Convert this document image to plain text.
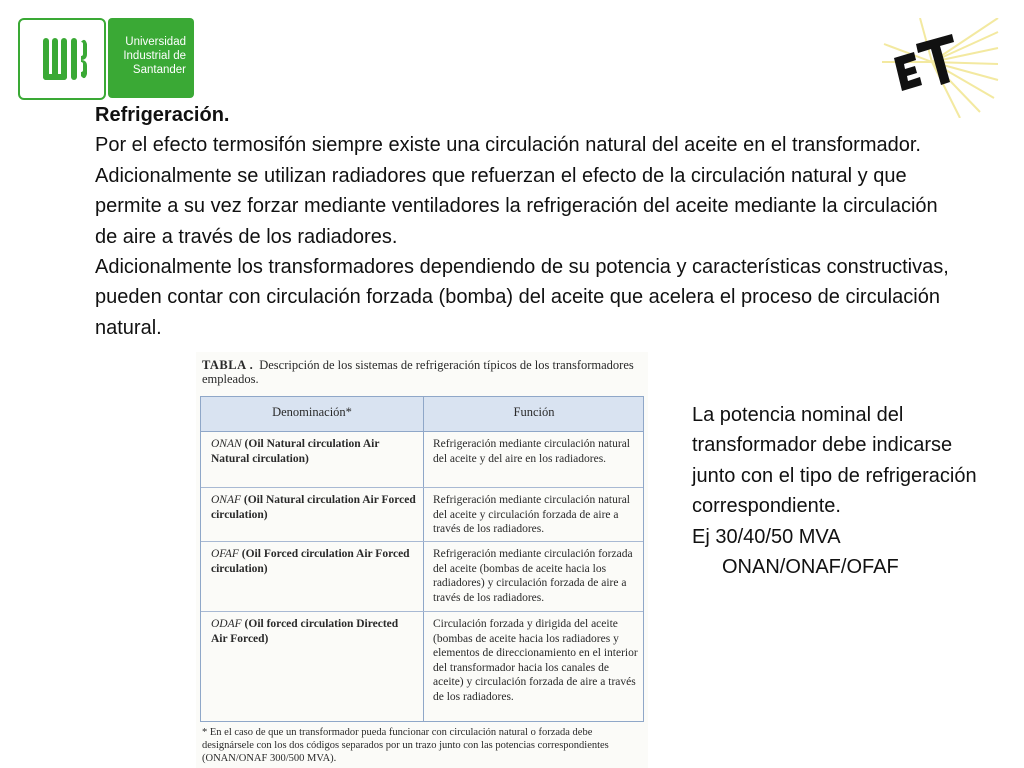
Universidad
Industrial de
Santander
Refrigeración.
Por el efecto termosifón siempre existe una circulación natural del aceite en el transformador. Adicionalmente se utilizan radiadores que refuerzan el efecto de la circulación natural y que permite a su vez forzar mediante ventiladores la refrigeración del aceite mediante la circulación de aire a través de los radiadores.
Adicionalmente los transformadores dependiendo de su potencia y características constructivas, pueden contar con circulación forzada (bomba) del aceite que acelera el proceso de circulación natural.
TABLA . Descripción de los sistemas de refrigeración típicos de los transformadores empleados.
Denominación*	Función
ONAN (Oil Natural circulation Air Natural circulation)
Refrigeración mediante circulación natural del aceite y del aire en los radiadores.
ONAF (Oil Natural circulation Air Forced circulation)
Refrigeración mediante circulación natural del aceite y circulación forzada de aire a través de los radiadores.
OFAF (Oil Forced circulation Air Forced circulation)
Refrigeración mediante circulación forzada del aceite (bombas de aceite hacia los radiadores) y circulación forzada de aire a través de los radiadores.
ODAF (Oil forced circulation Directed Air Forced)
Circulación forzada y dirigida del aceite (bombas de aceite hacia los radiadores y elementos de direccionamiento en el interior del transformador hacia los canales de aceite) y circulación forzada de aire a través de los radiadores.
* En el caso de que un transformador pueda funcionar con circulación natural o forzada debe designársele con los dos códigos separados por un trazo junto con las potencias correspondientes (ONAN/ONAF 300/500 MVA).
La potencia nominal del transformador debe indicarse junto con el tipo de refrigeración correspondiente.
Ej 30/40/50 MVA
ONAN/ONAF/OFAF
